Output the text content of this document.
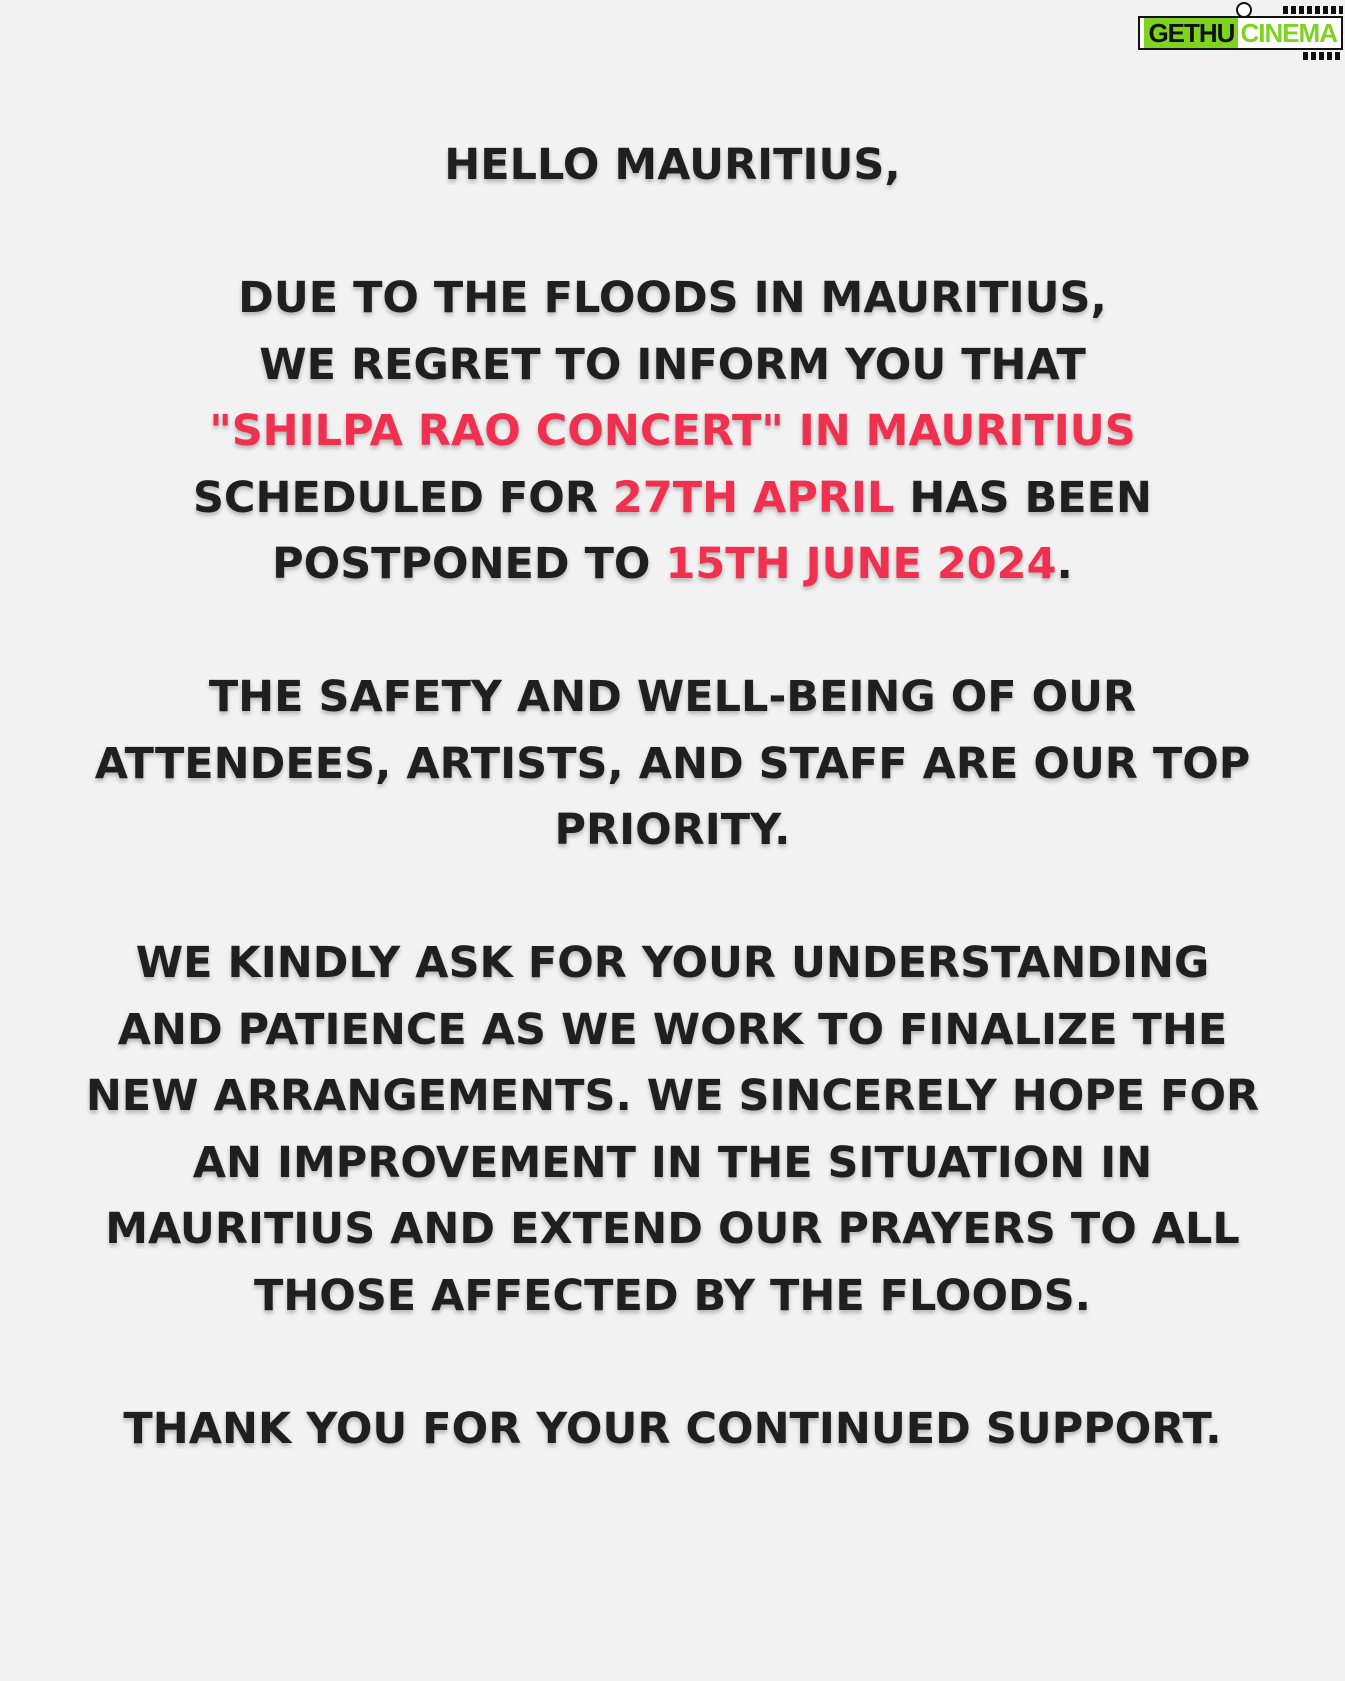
GETHU CINEMA

HELLO MAURITIUS,

DUE TO THE FLOODS IN MAURITIUS,
WE REGRET TO INFORM YOU THAT
"SHILPA RAO CONCERT" IN MAURITIUS
SCHEDULED FOR 27TH APRIL HAS BEEN
POSTPONED TO 15TH JUNE 2024.

THE SAFETY AND WELL-BEING OF OUR
ATTENDEES, ARTISTS, AND STAFF ARE OUR TOP
PRIORITY.

WE KINDLY ASK FOR YOUR UNDERSTANDING
AND PATIENCE AS WE WORK TO FINALIZE THE
NEW ARRANGEMENTS. WE SINCERELY HOPE FOR
AN IMPROVEMENT IN THE SITUATION IN
MAURITIUS AND EXTEND OUR PRAYERS TO ALL
THOSE AFFECTED BY THE FLOODS.

THANK YOU FOR YOUR CONTINUED SUPPORT.
